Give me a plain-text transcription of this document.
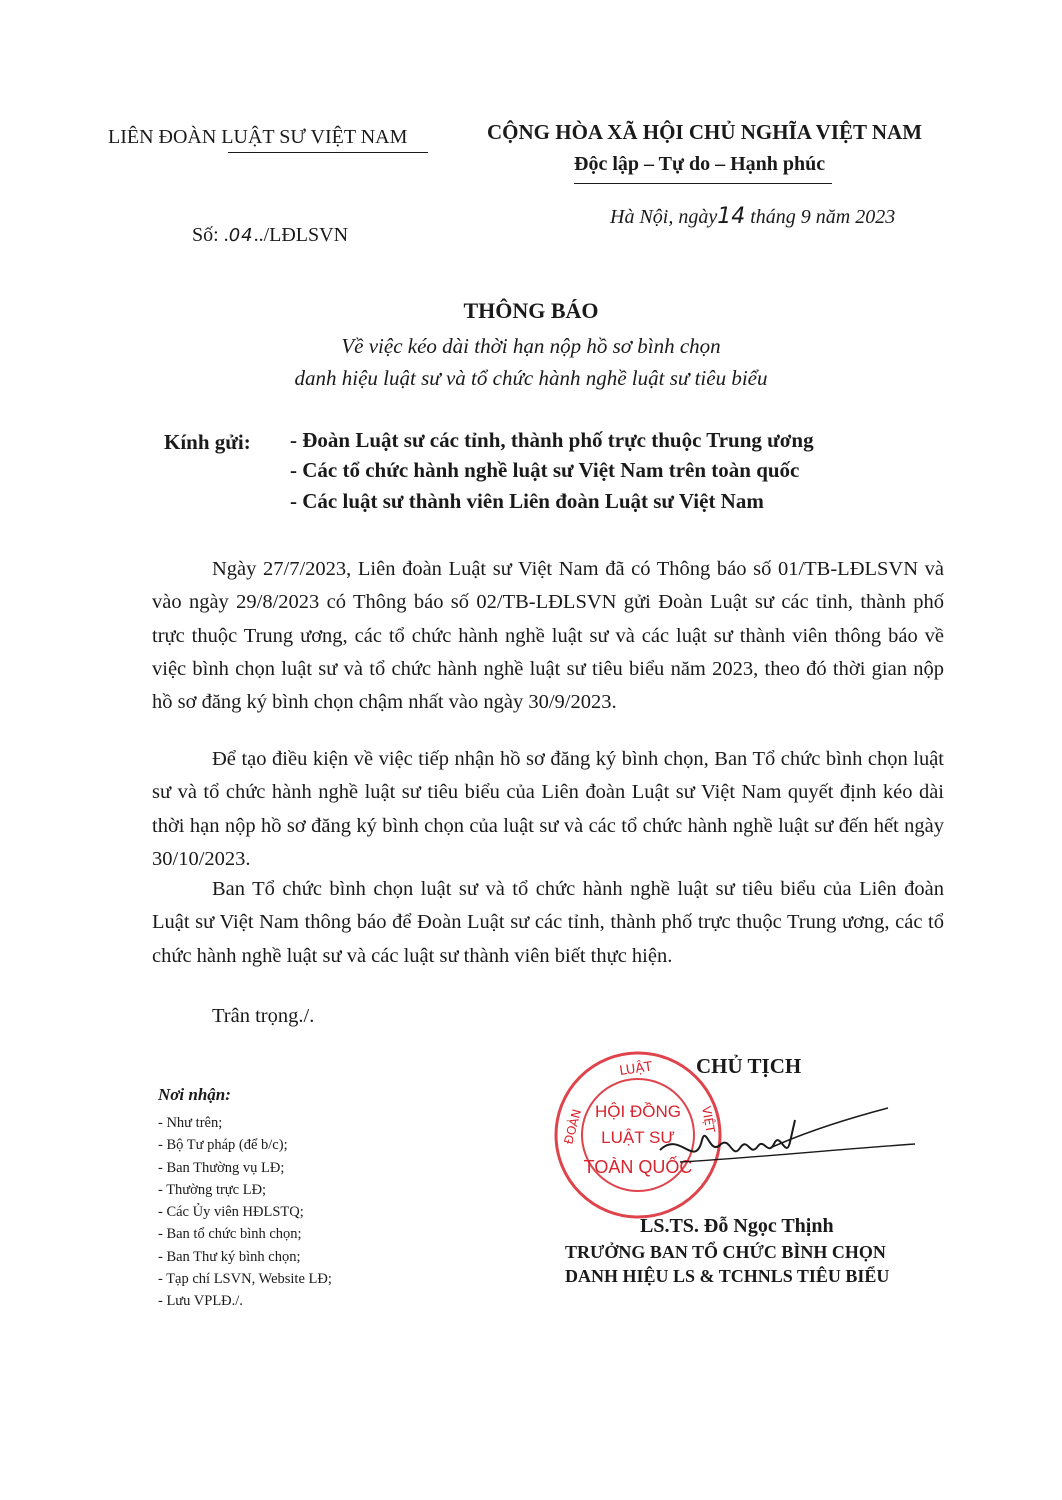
LIÊN ĐOÀN LUẬT SƯ VIỆT NAM	CỘNG HÒA XÃ HỘI CHỦ NGHĨA VIỆT NAM
Độc lập – Tự do – Hạnh phúc
Số: .04../LĐLSVN
Hà Nội, ngày14 tháng 9 năm 2023
THÔNG BÁO
Về việc kéo dài thời hạn nộp hồ sơ bình chọn
danh hiệu luật sư và tổ chức hành nghề luật sư tiêu biểu
Kính gửi: - Đoàn Luật sư các tỉnh, thành phố trực thuộc Trung ương
- Các tổ chức hành nghề luật sư Việt Nam trên toàn quốc
- Các luật sư thành viên Liên đoàn Luật sư Việt Nam
Ngày 27/7/2023, Liên đoàn Luật sư Việt Nam đã có Thông báo số 01/TB-LĐLSVN và vào ngày 29/8/2023 có Thông báo số 02/TB-LĐLSVN gửi Đoàn Luật sư các tỉnh, thành phố trực thuộc Trung ương, các tổ chức hành nghề luật sư và các luật sư thành viên thông báo về việc bình chọn luật sư và tổ chức hành nghề luật sư tiêu biểu năm 2023, theo đó thời gian nộp hồ sơ đăng ký bình chọn chậm nhất vào ngày 30/9/2023.
Để tạo điều kiện về việc tiếp nhận hồ sơ đăng ký bình chọn, Ban Tổ chức bình chọn luật sư và tổ chức hành nghề luật sư tiêu biểu của Liên đoàn Luật sư Việt Nam quyết định kéo dài thời hạn nộp hồ sơ đăng ký bình chọn của luật sư và các tổ chức hành nghề luật sư đến hết ngày 30/10/2023.
Ban Tổ chức bình chọn luật sư và tổ chức hành nghề luật sư tiêu biểu của Liên đoàn Luật sư Việt Nam thông báo để Đoàn Luật sư các tỉnh, thành phố trực thuộc Trung ương, các tổ chức hành nghề luật sư và các luật sư thành viên biết thực hiện.
Trân trọng./.
Nơi nhận:
- Như trên;
- Bộ Tư pháp (để b/c);
- Ban Thường vụ LĐ;
- Thường trực LĐ;
- Các Ủy viên HĐLSTQ;
- Ban tổ chức bình chọn;
- Ban Thư ký bình chọn;
- Tạp chí LSVN, Website LĐ;
- Lưu VPLĐ./.
CHỦ TỊCH
LUẬT
ĐOÀN	VIỆT
HỘI ĐỒNG
LUẬT SƯ
TOÀN QUỐC
LS.TS. Đỗ Ngọc Thịnh
TRƯỞNG BAN TỔ CHỨC BÌNH CHỌN
DANH HIỆU LS & TCHNLS TIÊU BIỂU
